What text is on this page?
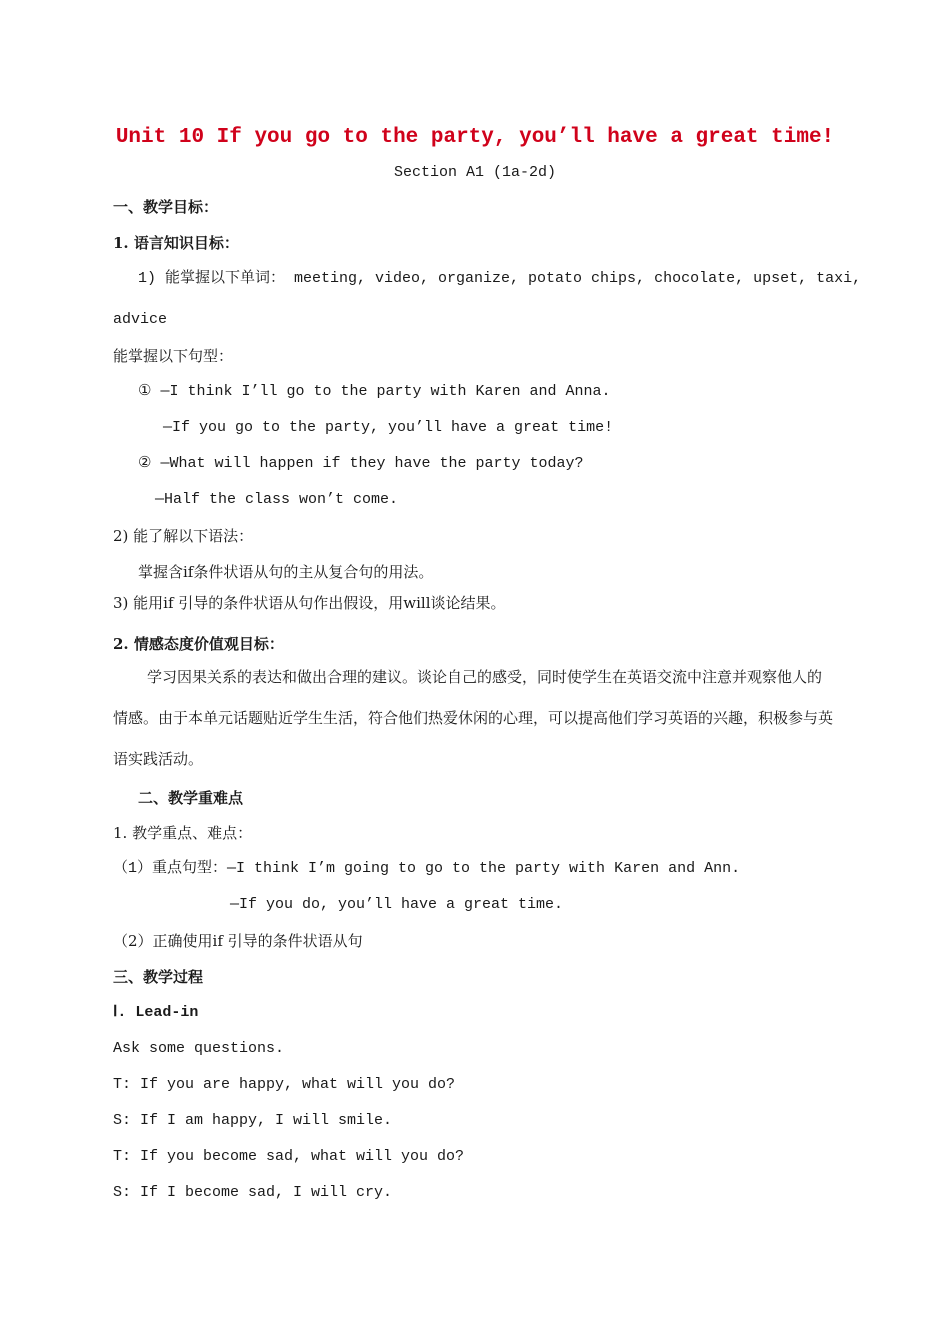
Unit 10 If you go to the party, you’ll have a great time!
Section A1 (1a-2d)
一、教学目标：
1. 语言知识目标：
1) 能掌握以下单词： meeting, video, organize, potato chips, chocolate, upset, taxi,
advice
能掌握以下句型：
① —I think I’ll go to the party with Karen and Anna.
—If you go to the party, you’ll have a great time!
② —What will happen if they have the party today?
—Half the class won’t come.
2) 能了解以下语法：
掌握含if条件状语从句的主从复合句的用法。
3) 能用if 引导的条件状语从句作出假设，用will谈论结果。
2. 情感态度价值观目标：
学习因果关系的表达和做出合理的建议。谈论自己的感受，同时使学生在英语交流中注意并观察他人的情感。由于本单元话题贴近学生生活，符合他们热爱休闲的心理，可以提高他们学习英语的兴趣，积极参与英语实践活动。
二、教学重难点
1. 教学重点、难点：
（1）重点句型：—I think I’m going to go to the party with Karen and Ann.
—If you do, you’ll have a great time.
（2）正确使用if 引导的条件状语从句
三、教学过程
Ⅰ. Lead-in
Ask some questions.
T: If you are happy, what will you do?
S: If I am happy, I will smile.
T: If you become sad, what will you do?
S: If I become sad, I will cry.
